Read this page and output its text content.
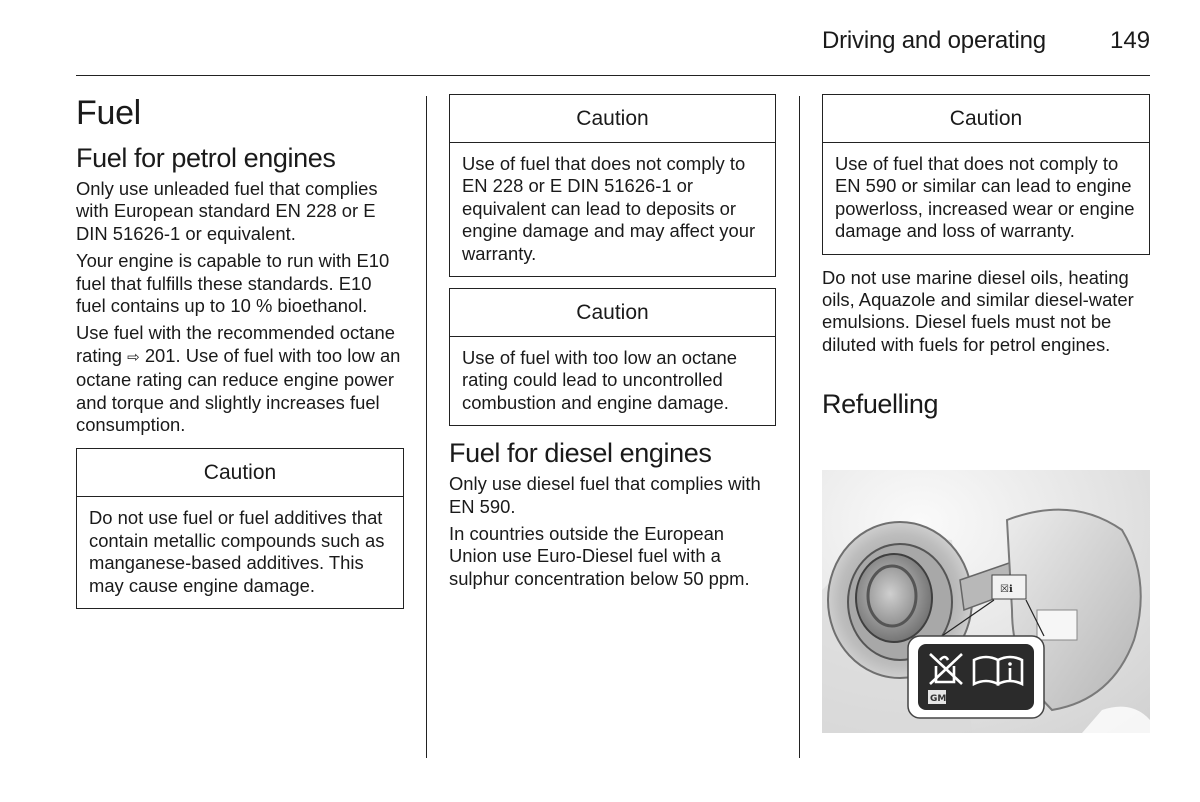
Driving and operating	149
Fuel
Fuel for petrol engines

Only use unleaded fuel that complies with European standard EN 228 or E DIN 51626-1 or equivalent.

Your engine is capable to run with E10 fuel that fulfills these standards. E10 fuel contains up to 10 % bioethanol.

Use fuel with the recommended octane rating ⇨ 201. Use of fuel with too low an octane rating can reduce engine power and torque and slightly increases fuel consumption.

Caution
Do not use fuel or fuel additives that contain metallic compounds such as manganese-based additives. This may cause engine damage.
Caution
Use of fuel that does not comply to EN 228 or E DIN 51626-1 or equivalent can lead to deposits or engine damage and may affect your warranty.
Caution
Use of fuel with too low an octane rating could lead to uncontrolled combustion and engine damage.
Fuel for diesel engines

Only use diesel fuel that complies with EN 590.

In countries outside the European Union use Euro-Diesel fuel with a sulphur concentration below 50 ppm.

Caution
Use of fuel that does not comply to EN 590 or similar can lead to engine powerloss, increased wear or engine damage and loss of warranty.

Do not use marine diesel oils, heating oils, Aquazole and similar diesel-water emulsions. Diesel fuels must not be diluted with fuels for petrol engines.

Refuelling
☒ℹ
GM
